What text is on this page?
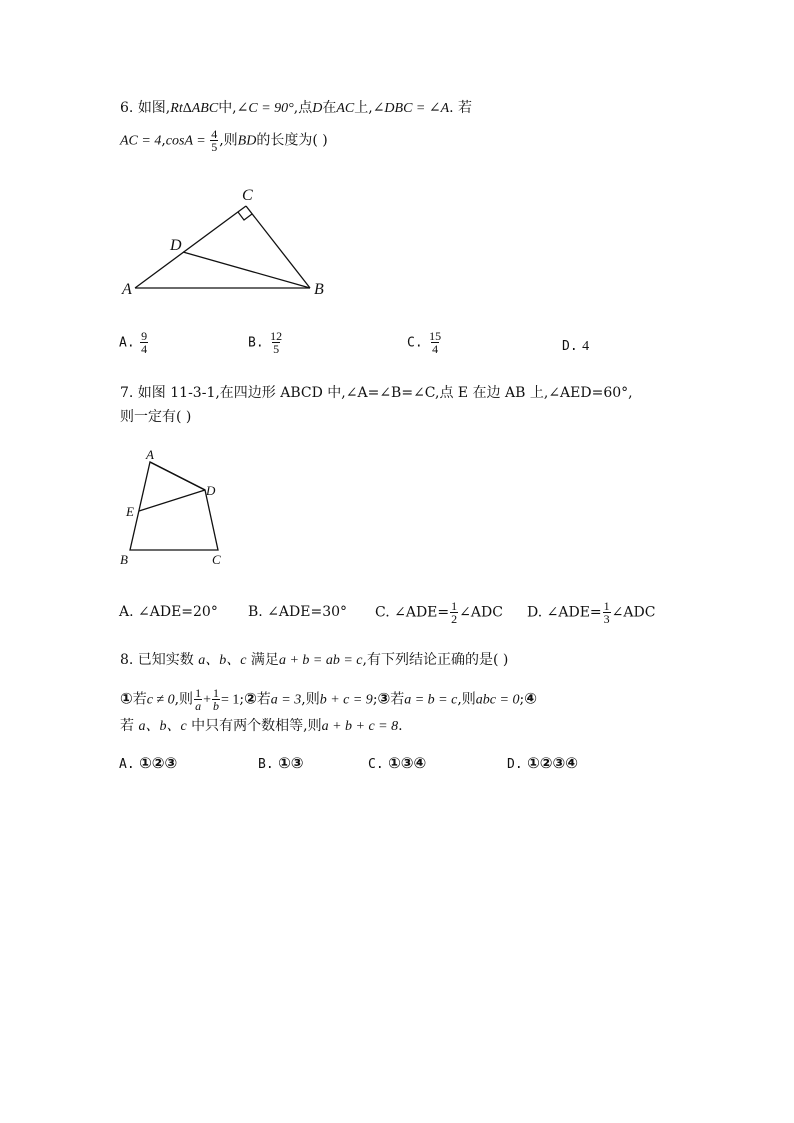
6. 如图,RtΔABC中,∠C = 90°,点D在AC上,∠DBC = ∠A. 若
AC = $4,\cos A = \frac{4}{5}$ ,则BD的长度为( )
A	B
C
D
A. $\frac{9}{4}$	B. $\frac{12}{5}$	C. $\frac{15}{4}$	D. 4
7. 如图 11-3-1,在四边形 ABCD 中,∠A=∠B=∠C,点 E 在边 AB 上,∠AED=60°,
则一定有( )
A
B	C
D
E
A. ∠ADE=20° B. ∠ADE=30° C. ∠ADE= $\frac{1}{2}$ ∠ADC D. ∠ADE= $\frac{1}{3}$ ∠ADC
8. 已知实数 a、b、c 满足a + b = ab = c,有下列结论正确的是( )
①若c ≠ 0,则 $\frac{1}{a} + \frac{1}{b}$ = 1;②若a = 3,则b + c = 9;③若a = b = c,则abc = 0;④
若 a、b、c 中只有两个数相等,则a + b + c = 8.
A. ①②③	B. ①③	C. ①③④	D. ①②③④
